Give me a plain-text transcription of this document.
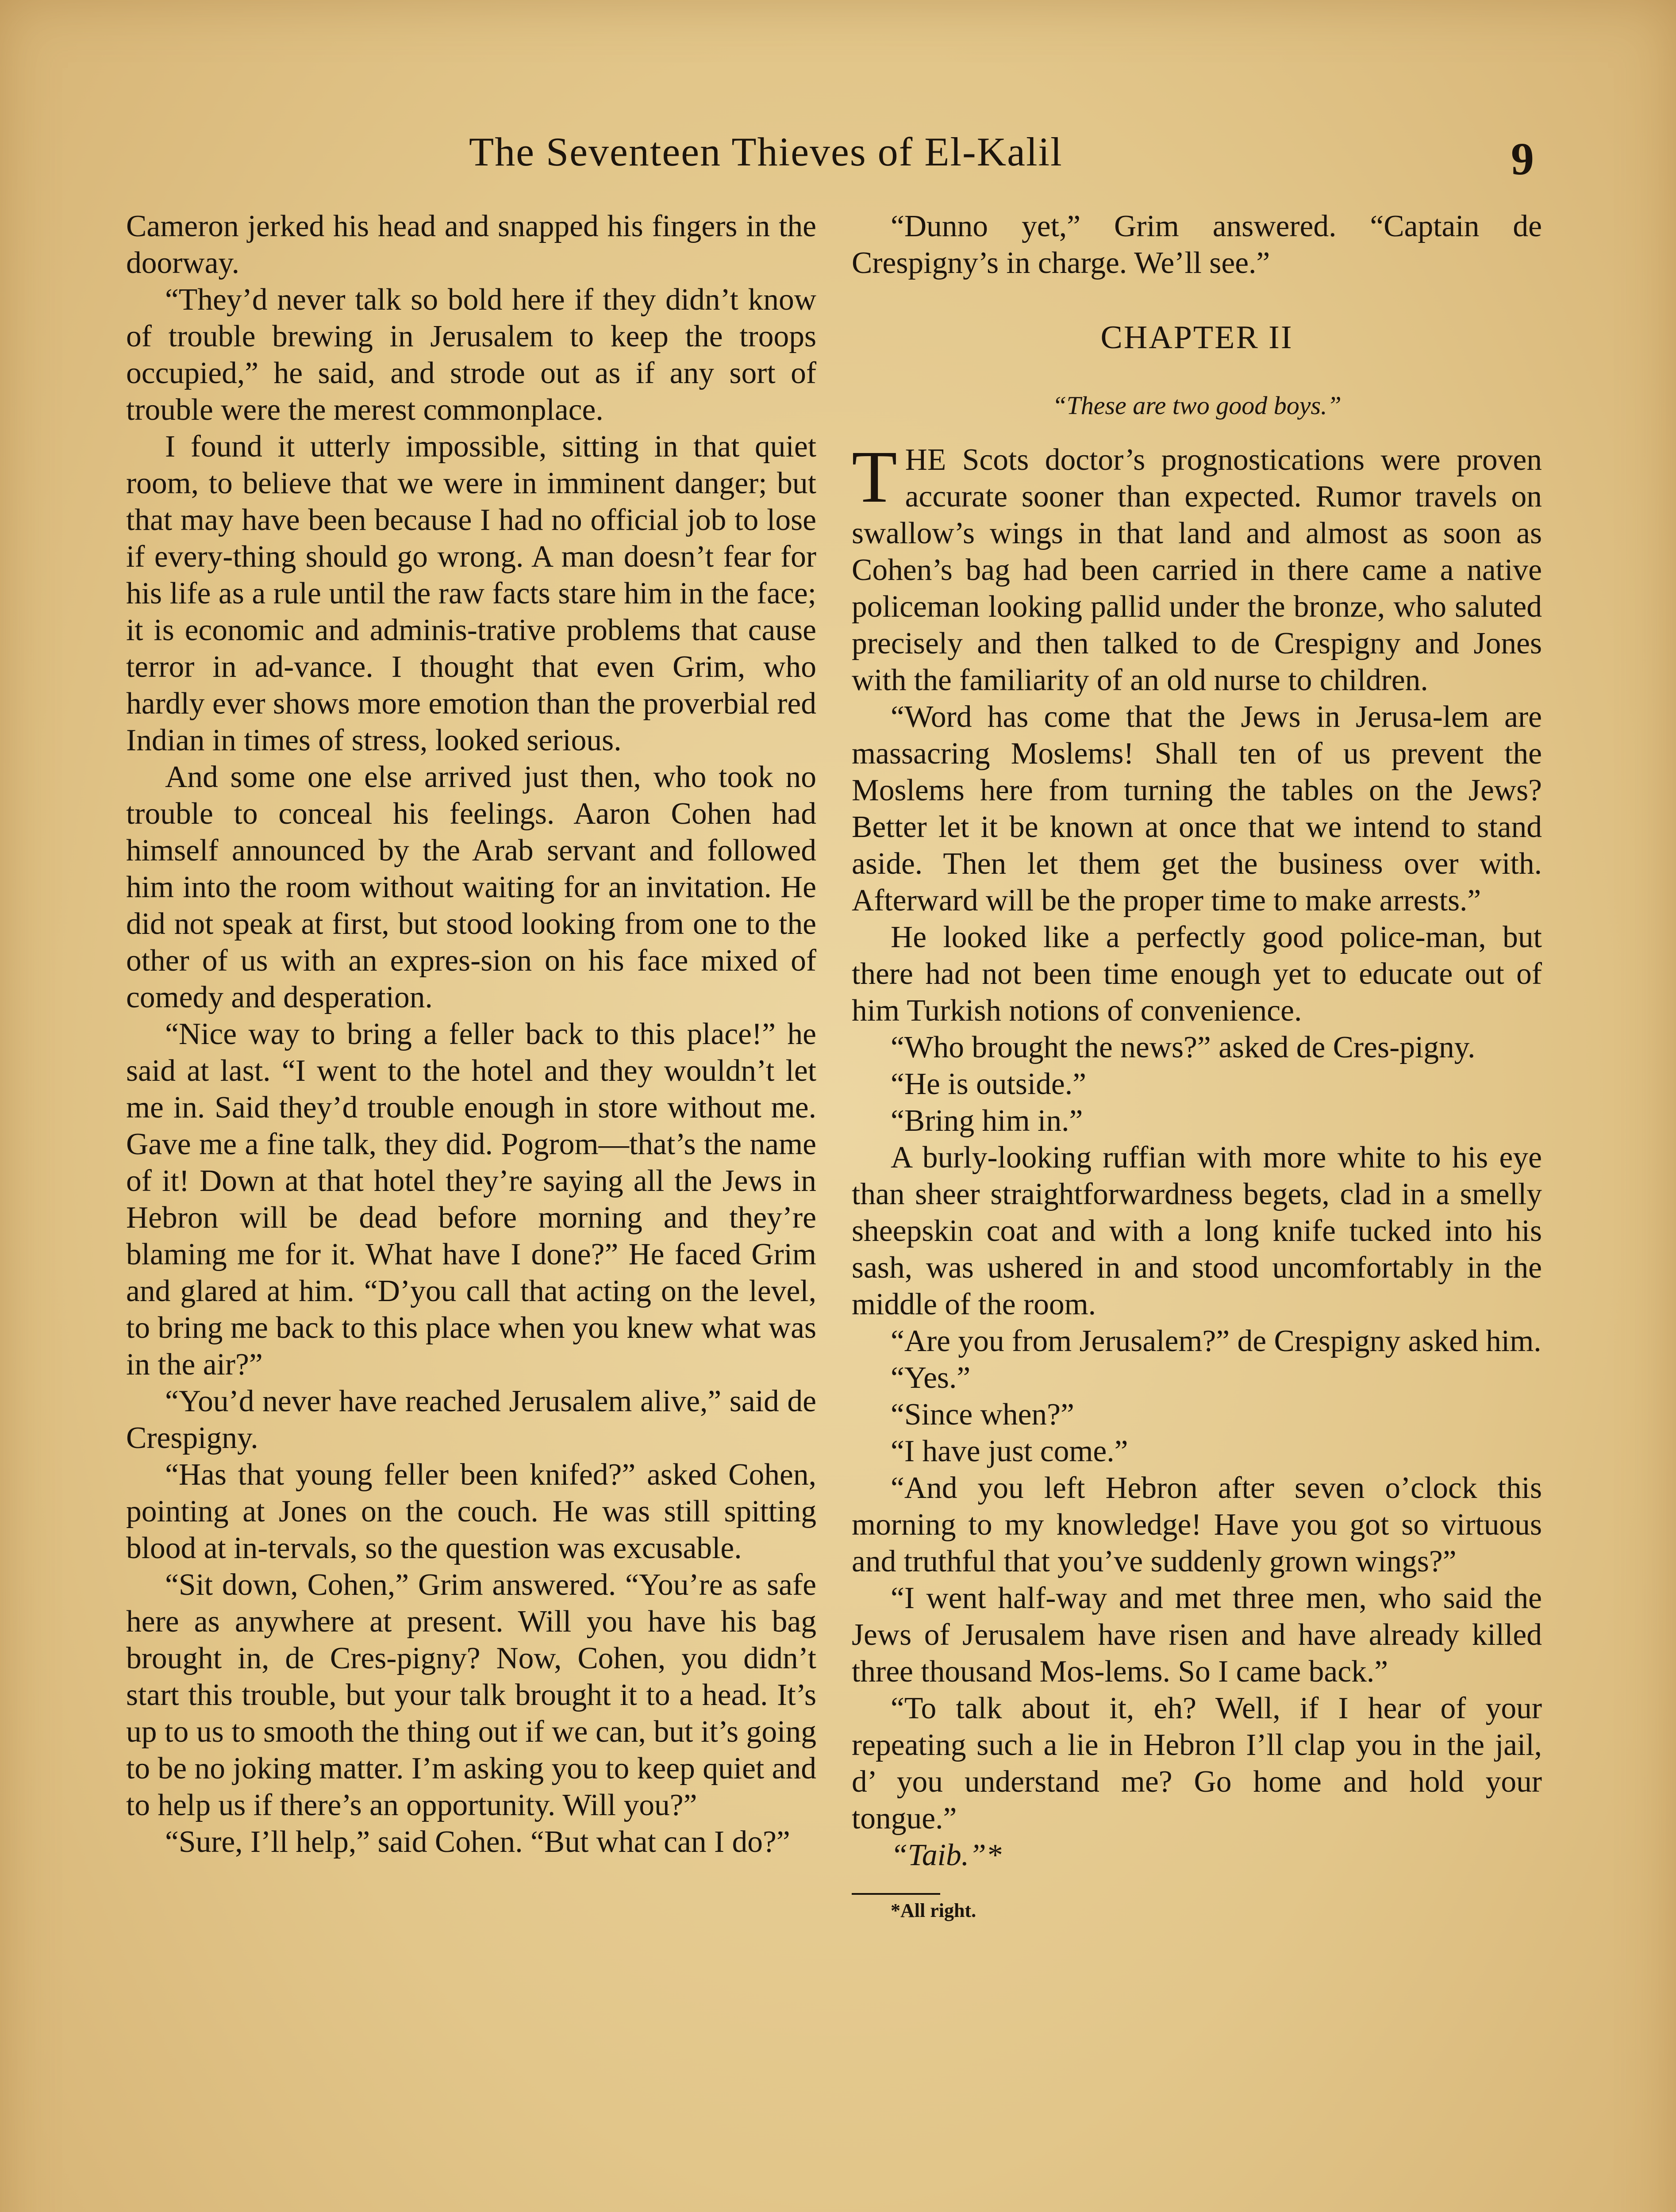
The Seventeen Thieves of El-Kalil	9

Cameron jerked his head and snapped his fingers in the doorway.

“They’d never talk so bold here if they didn’t know of trouble brewing in Jerusalem to keep the troops occupied,” he said, and strode out as if any sort of trouble were the merest commonplace.

I found it utterly impossible, sitting in that quiet room, to believe that we were in imminent danger; but that may have been because I had no official job to lose if every-thing should go wrong. A man doesn’t fear for his life as a rule until the raw facts stare him in the face; it is economic and adminis-trative problems that cause terror in ad-vance. I thought that even Grim, who hardly ever shows more emotion than the proverbial red Indian in times of stress, looked serious.

And some one else arrived just then, who took no trouble to conceal his feelings. Aaron Cohen had himself announced by the Arab servant and followed him into the room without waiting for an invitation. He did not speak at first, but stood looking from one to the other of us with an expres-sion on his face mixed of comedy and desperation.

“Nice way to bring a feller back to this place!” he said at last. “I went to the hotel and they wouldn’t let me in. Said they’d trouble enough in store without me. Gave me a fine talk, they did. Pogrom—that’s the name of it! Down at that hotel they’re saying all the Jews in Hebron will be dead before morning and they’re blaming me for it. What have I done?” He faced Grim and glared at him. “D’you call that acting on the level, to bring me back to this place when you knew what was in the air?”

“You’d never have reached Jerusalem alive,” said de Crespigny.

“Has that young feller been knifed?” asked Cohen, pointing at Jones on the couch. He was still spitting blood at in-tervals, so the question was excusable.

“Sit down, Cohen,” Grim answered. “You’re as safe here as anywhere at present. Will you have his bag brought in, de Cres-pigny? Now, Cohen, you didn’t start this trouble, but your talk brought it to a head. It’s up to us to smooth the thing out if we can, but it’s going to be no joking matter. I’m asking you to keep quiet and to help us if there’s an opportunity. Will you?”

“Sure, I’ll help,” said Cohen. “But what can I do?”

“Dunno yet,” Grim answered. “Captain de Crespigny’s in charge. We’ll see.”

CHAPTER II
“These are two good boys.”

THE Scots doctor’s prognostications were proven accurate sooner than expected. Rumor travels on swallow’s wings in that land and almost as soon as Cohen’s bag had been carried in there came a native policeman looking pallid under the bronze, who saluted precisely and then talked to de Crespigny and Jones with the familiarity of an old nurse to children.

“Word has come that the Jews in Jerusa-lem are massacring Moslems! Shall ten of us prevent the Moslems here from turning the tables on the Jews? Better let it be known at once that we intend to stand aside. Then let them get the business over with. Afterward will be the proper time to make arrests.”

He looked like a perfectly good police-man, but there had not been time enough yet to educate out of him Turkish notions of convenience.

“Who brought the news?” asked de Cres-pigny.

“He is outside.”

“Bring him in.”

A burly-looking ruffian with more white to his eye than sheer straightforwardness begets, clad in a smelly sheepskin coat and with a long knife tucked into his sash, was ushered in and stood uncomfortably in the middle of the room.

“Are you from Jerusalem?” de Crespigny asked him.

“Yes.”

“Since when?”

“I have just come.”

“And you left Hebron after seven o’clock this morning to my knowledge! Have you got so virtuous and truthful that you’ve suddenly grown wings?”

“I went half-way and met three men, who said the Jews of Jerusalem have risen and have already killed three thousand Mos-lems. So I came back.”

“To talk about it, eh? Well, if I hear of your repeating such a lie in Hebron I’ll clap you in the jail, d’ you understand me? Go home and hold your tongue.”

“Taib.”*

*All right.
